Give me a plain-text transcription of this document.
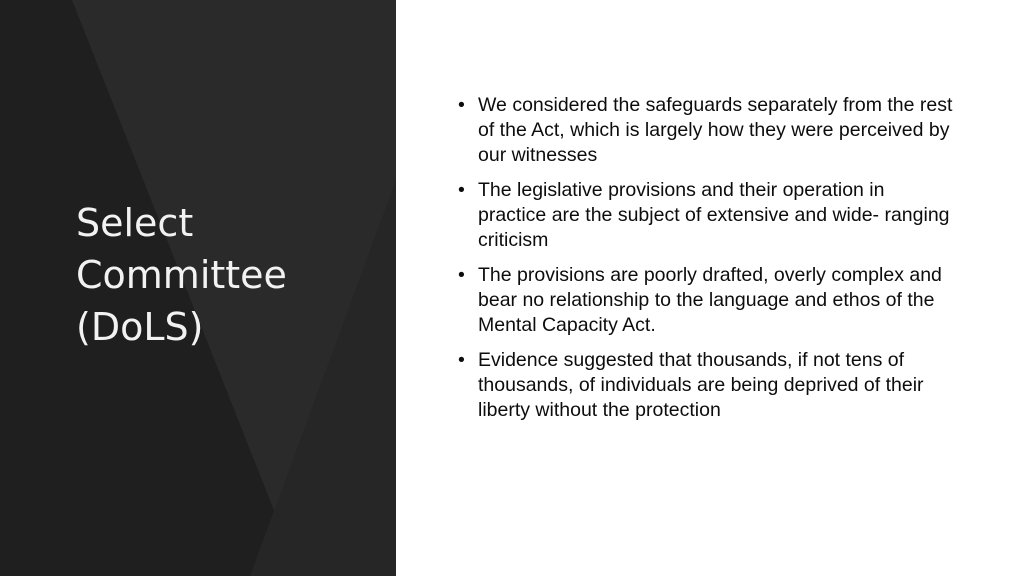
Select
Committee
(DoLS)
• We considered the safeguards separately from the rest of the Act, which is largely how they were perceived by our witnesses
• The legislative provisions and their operation in practice are the subject of extensive and wide- ranging criticism
• The provisions are poorly drafted, overly complex and bear no relationship to the language and ethos of the Mental Capacity Act.
• Evidence suggested that thousands, if not tens of thousands, of individuals are being deprived of their liberty without the protection
